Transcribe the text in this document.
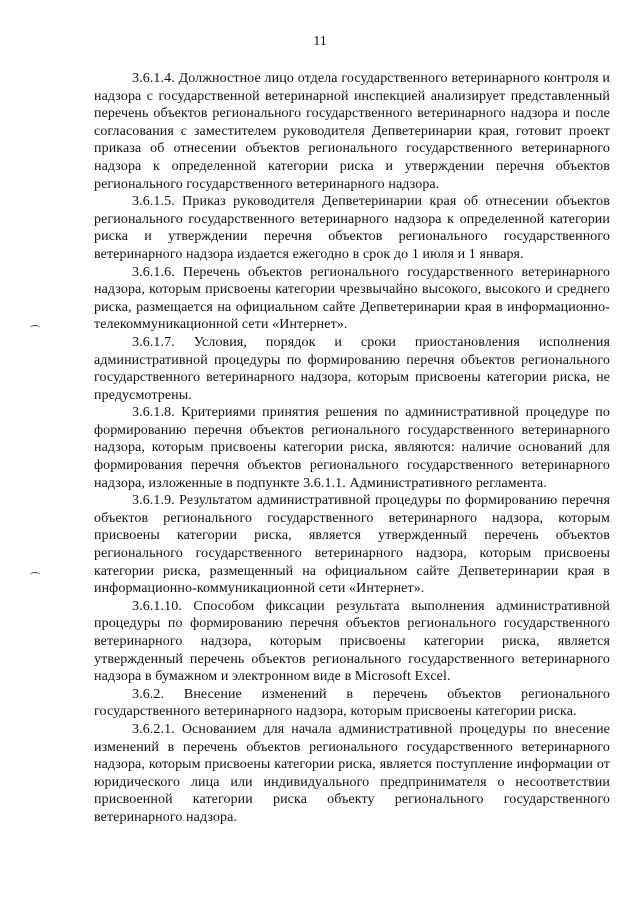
11

3.6.1.4. Должностное лицо отдела государственного ветеринарного контроля и надзора с государственной ветеринарной инспекцией анализирует представленный перечень объектов регионального государственного ветеринарного надзора и после согласования с заместителем руководителя Депветеринарии края, готовит проект приказа об отнесении объектов регионального государственного ветеринарного надзора к определенной категории риска и утверждении перечня объектов регионального государственного ветеринарного надзора.

3.6.1.5. Приказ руководителя Депветеринарии края об отнесении объектов регионального государственного ветеринарного надзора к определенной категории риска и утверждении перечня объектов регионального государственного ветеринарного надзора издается ежегодно в срок до 1 июля и 1 января.

3.6.1.6. Перечень объектов регионального государственного ветеринарного надзора, которым присвоены категории чрезвычайно высокого, высокого и среднего риска, размещается на официальном сайте Депветеринарии края в информационно-телекоммуникационной сети «Интернет».

3.6.1.7. Условия, порядок и сроки приостановления исполнения административной процедуры по формированию перечня объектов регионального государственного ветеринарного надзора, которым присвоены категории риска, не предусмотрены.

3.6.1.8. Критериями принятия решения по административной процедуре по формированию перечня объектов регионального государственного ветеринарного надзора, которым присвоены категории риска, являются: наличие оснований для формирования перечня объектов регионального государственного ветеринарного надзора, изложенные в подпункте 3.6.1.1. Административного регламента.

3.6.1.9. Результатом административной процедуры по формированию перечня объектов регионального государственного ветеринарного надзора, которым присвоены категории риска, является утвержденный перечень объектов регионального государственного ветеринарного надзора, которым присвоены категории риска, размещенный на официальном сайте Депветеринарии края в информационно-коммуникационной сети «Интернет».

3.6.1.10. Способом фиксации результата выполнения административной процедуры по формированию перечня объектов регионального государственного ветеринарного надзора, которым присвоены категории риска, является утвержденный перечень объектов регионального государственного ветеринарного надзора в бумажном и электронном виде в Microsoft Excel.

3.6.2. Внесение изменений в перечень объектов регионального государственного ветеринарного надзора, которым присвоены категории риска.

3.6.2.1. Основанием для начала административной процедуры по внесение изменений в перечень объектов регионального государственного ветеринарного надзора, которым присвоены категории риска, является поступление информации от юридического лица или индивидуального предпринимателя о несоответствии присвоенной категории риска объекту регионального государственного ветеринарного надзора.
